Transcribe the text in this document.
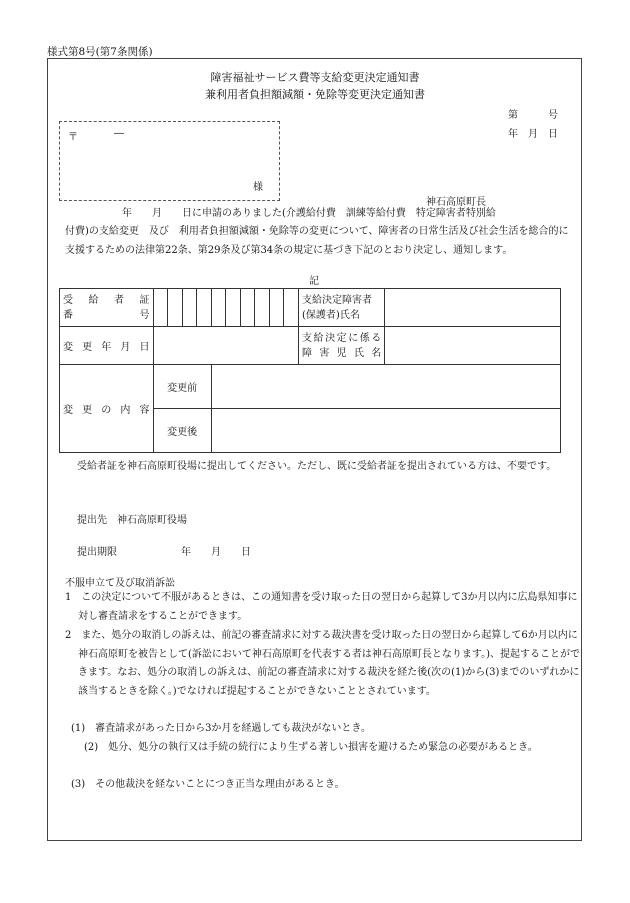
様式第8号(第7条関係)
障害福祉サービス費等支給変更決定通知書
兼利用者負担額減額・免除等変更決定通知書
第　　　号
年　月　日
〒	―
様
神石高原町長
年　　月　　日に申請のありました(介護給付費　訓練等給付費　特定障害者特別給
付費)の支給変更　及び　利用者負担額減額・免除等の変更について、障害者の日常生活及び社会生活を総合的に支援するための法律第22条、第29条及び第34条の規定に基づき下記のとおり決定し、通知します。
記
受　給　者　証
番　　　　　号											支給決定障害者
(保護者)氏名	

変更年月日											支給決定に係る
障害児氏名	

変更の内容	変更前											
	変更後											
受給者証を神石高原町役場に提出してください。ただし、既に受給者証を提出されている方は、不要です。
提出先　神石高原町役場
提出期限	年　　月　　日
不服申立て及び取消訴訟
1　この決定について不服があるときは、この通知書を受け取った日の翌日から起算して3か月以内に広島県知事に対し審査請求をすることができます。
2　また、処分の取消しの訴えは、前記の審査請求に対する裁決書を受け取った日の翌日から起算して6か月以内に神石高原町を被告として(訴訟において神石高原町を代表する者は神石高原町長となります。)、提起することができます。なお、処分の取消しの訴えは、前記の審査請求に対する裁決を経た後(次の(1)から(3)までのいずれかに該当するときを除く。)でなければ提起することができないこととされています。
(1)　審査請求があった日から3か月を経過しても裁決がないとき。
(2)　処分、処分の執行又は手続の続行により生ずる著しい損害を避けるため緊急の必要があるとき。
(3)　その他裁決を経ないことにつき正当な理由があるとき。
